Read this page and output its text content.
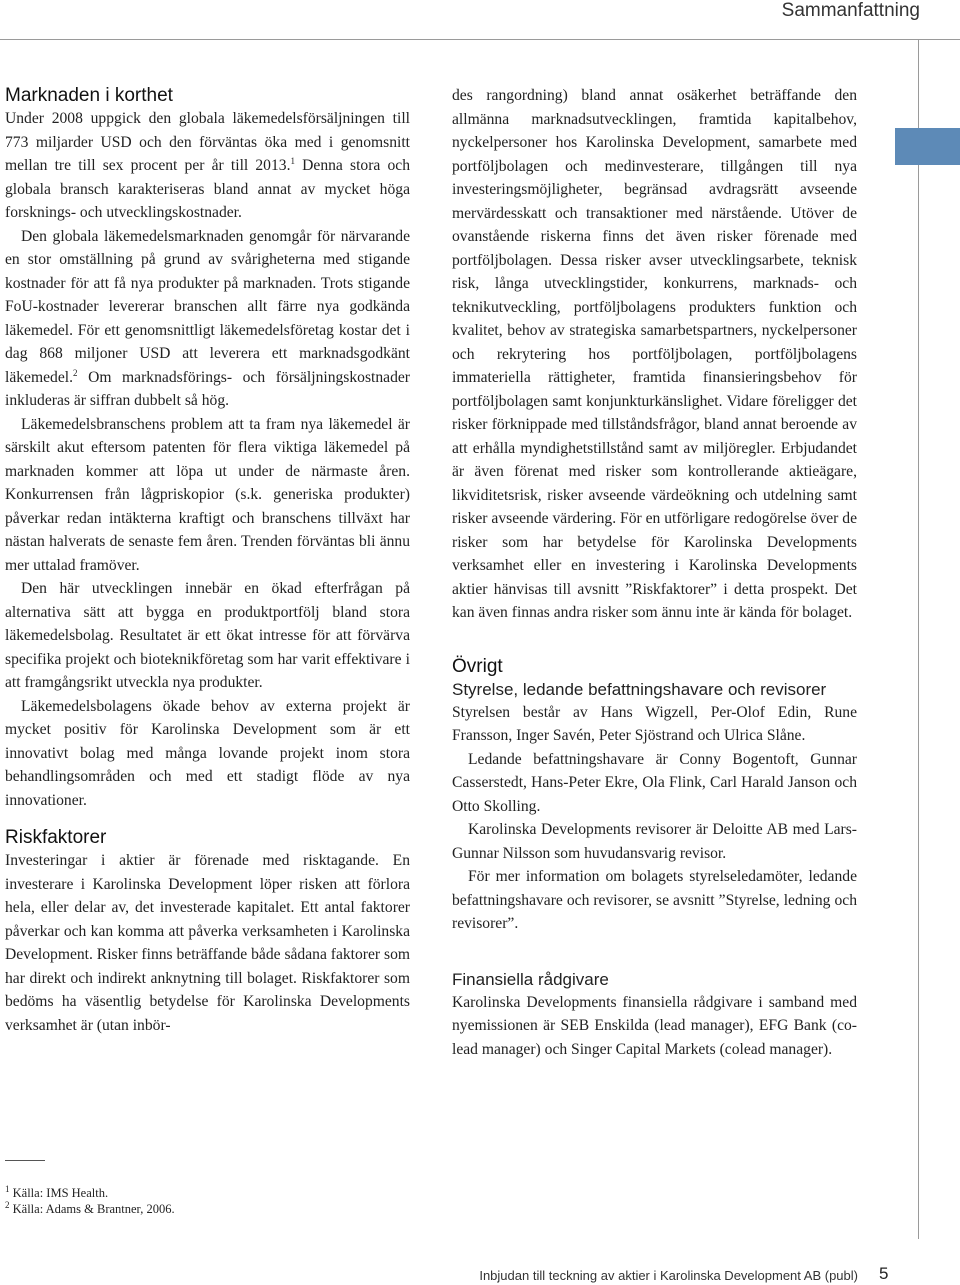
Sammanfattning
Marknaden i korthet

Under 2008 uppgick den globala läkemedelsförsäljningen till 773 miljarder USD och den förväntas öka med i genomsnitt mellan tre till sex procent per år till 2013.$^1$ Denna stora och globala bransch karakteriseras bland annat av mycket höga forsknings- och utvecklingskostnader.

Den globala läkemedelsmarknaden genomgår för närvarande en stor omställning på grund av svårigheterna med stigande kostnader för att få nya produkter på marknaden. Trots stigande FoU-kostnader levererar branschen allt färre nya godkända läkemedel. För ett genomsnittligt läkemedelsföretag kostar det i dag 868 miljoner USD att leverera ett marknadsgodkänt läkemedel.$^2$ Om marknadsförings- och försäljningskostnader inkluderas är siffran dubbelt så hög.

Läkemedelsbranschens problem att ta fram nya läkemedel är särskilt akut eftersom patenten för flera viktiga läkemedel på marknaden kommer att löpa ut under de närmaste åren. Konkurrensen från lågpriskopior (s.k. generiska produkter) påverkar redan intäkterna kraftigt och branschens tillväxt har nästan halverats de senaste fem åren. Trenden förväntas bli ännu mer uttalad framöver.

Den här utvecklingen innebär en ökad efterfrågan på alternativa sätt att bygga en produktportfölj bland stora läkemedelsbolag. Resultatet är ett ökat intresse för att förvärva specifika projekt och bioteknikföretag som har varit effektivare i att framgångsrikt utveckla nya produkter.

Läkemedelsbolagens ökade behov av externa projekt är mycket positiv för Karolinska Development som är ett innovativt bolag med många lovande projekt inom stora behandlingsområden och med ett stadigt flöde av nya innovationer.

Riskfaktorer

Investeringar i aktier är förenade med risktagande. En investerare i Karolinska Development löper risken att förlora hela, eller delar av, det investerade kapitalet. Ett antal faktorer påverkar och kan komma att påverka verksamheten i Karolinska Development. Risker finns beträffande både sådana faktorer som har direkt och indirekt anknytning till bolaget. Riskfaktorer som bedöms ha väsentlig betydelse för Karolinska Developments verksamhet är (utan inbör-

des rangordning) bland annat osäkerhet beträffande den allmänna marknadsutvecklingen, framtida kapitalbehov, nyckelpersoner hos Karolinska Development, samarbete med portföljbolagen och medinvesterare, tillgången till nya investeringsmöjligheter, begränsad avdragsrätt avseende mervärdesskatt och transaktioner med närstående. Utöver de ovanstående riskerna finns det även risker förenade med portföljbolagen. Dessa risker avser utvecklingsarbete, teknisk risk, långa utvecklingstider, konkurrens, marknads- och teknikutveckling, portföljbolagens produkters funktion och kvalitet, behov av strategiska samarbetspartners, nyckelpersoner och rekrytering hos portföljbolagen, portföljbolagens immateriella rättigheter, framtida finansieringsbehov för portföljbolagen samt konjunkturkänslighet. Vidare föreligger det risker förknippade med tillståndsfrågor, bland annat beroende av att erhålla myndighetstillstånd samt av miljöregler. Erbjudandet är även förenat med risker som kontrollerande aktieägare, likviditetsrisk, risker avseende värdeökning och utdelning samt risker avseende värdering. För en utförligare redogörelse över de risker som har betydelse för Karolinska Developments verksamhet eller en investering i Karolinska Developments aktier hänvisas till avsnitt ”Riskfaktorer” i detta prospekt. Det kan även finnas andra risker som ännu inte är kända för bolaget.

Övrigt
Styrelse, ledande befattningshavare och revisorer

Styrelsen består av Hans Wigzell, Per-Olof Edin, Rune Fransson, Inger Savén, Peter Sjöstrand och Ulrica Slåne.

Ledande befattningshavare är Conny Bogentoft, Gunnar Casserstedt, Hans-Peter Ekre, Ola Flink, Carl Harald Janson och Otto Skolling.

Karolinska Developments revisorer är Deloitte AB med Lars-Gunnar Nilsson som huvudansvarig revisor.

För mer information om bolagets styrelseledamöter, ledande befattningshavare och revisorer, se avsnitt ”Styrelse, ledning och revisorer”.

Finansiella rådgivare

Karolinska Developments finansiella rådgivare i samband med nyemissionen är SEB Enskilda (lead manager), EFG Bank (co-lead manager) och Singer Capital Markets (colead manager).

$^1$ Källa: IMS Health.
$^2$ Källa: Adams & Brantner, 2006.
Inbjudan till teckning av aktier i Karolinska Development AB (publ) 5
